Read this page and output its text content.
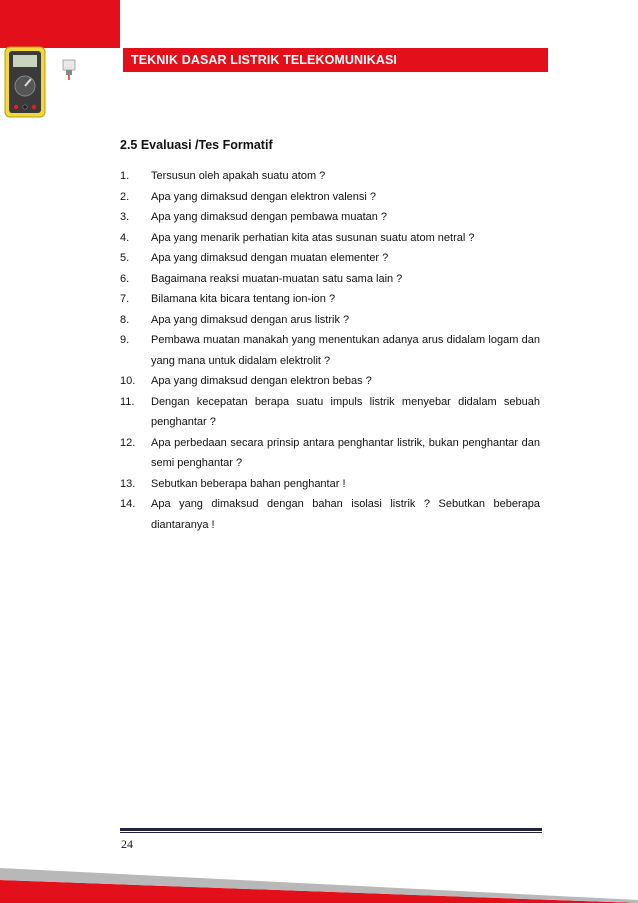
TEKNIK DASAR LISTRIK TELEKOMUNIKASI
2.5 Evaluasi /Tes Formatif
1. Tersusun oleh apakah suatu atom ?
2. Apa yang dimaksud dengan elektron valensi ?
3. Apa yang dimaksud dengan pembawa muatan ?
4. Apa yang menarik perhatian kita atas susunan suatu atom netral ?
5. Apa yang dimaksud dengan muatan elementer ?
6. Bagaimana reaksi muatan-muatan satu sama lain ?
7. Bilamana kita bicara tentang ion-ion ?
8. Apa yang dimaksud dengan arus listrik ?
9. Pembawa muatan manakah yang menentukan adanya arus didalam logam dan yang mana untuk didalam elektrolit ?
10. Apa yang dimaksud dengan elektron bebas ?
11. Dengan kecepatan berapa suatu impuls listrik menyebar didalam sebuah penghantar ?
12. Apa perbedaan secara prinsip antara penghantar listrik, bukan penghantar dan semi penghantar ?
13. Sebutkan beberapa bahan penghantar !
14. Apa yang dimaksud dengan bahan isolasi listrik ? Sebutkan beberapa diantaranya !
24
